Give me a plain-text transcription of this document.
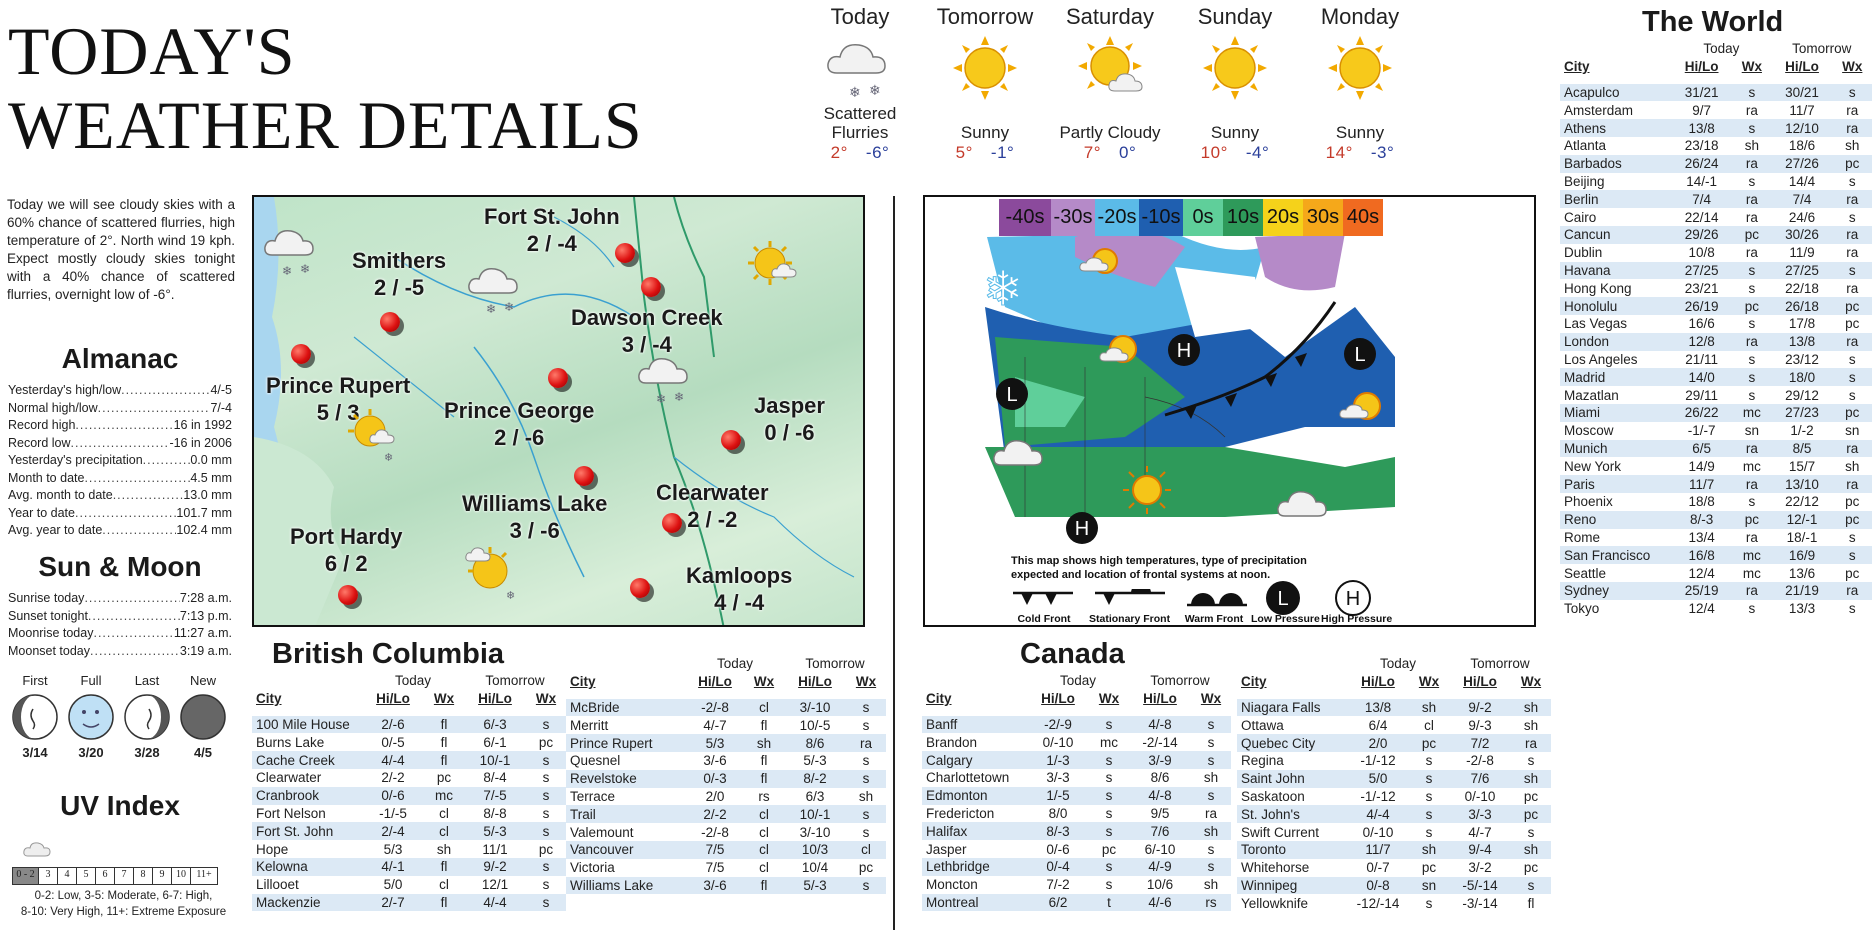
TODAY'S
WEATHER DETAILS
Today we will see cloudy skies with a 60% chance of scattered flurries, high temperature of 2°. North wind 19 kph. Expect mostly cloudy skies tonight with a 40% chance of scattered flurries, overnight low of -6°.
Almanac
Yesterday's high/low .....	4/-5
Normal high/low .....	7/-4
Record high .....	16 in 1992
Record low .....	-16 in 2006
Yesterday's precipitation .....	0.0 mm
Month to date .....	4.5 mm
Avg. month to date .....	13.0 mm
Year to date .....	101.7 mm
Avg. year to date .....	102.4 mm
Sun & Moon
Sunrise today .....	7:28 a.m.
Sunset tonight .....	7:13 p.m.
Moonrise today .....	11:27 a.m.
Moonset today .....	3:19 a.m.
First
3/14
Full
3/20
Last
3/28
New
4/5
UV Index
0 - 2	3	4	5	6	7	8	9	10	11+
0-2: Low, 3-5: Moderate, 6-7: High,
8-10: Very High, 11+: Extreme Exposure
Today
❄ ❄
Scattered
Flurries
2° -6°
Tomorrow
Sunny
5° -1°
Saturday
Partly Cloudy
7° 0°
Sunday
Sunny
10° -4°
Monday
Sunny
14° -3°
Fort St. John
2 / -4
Smithers
2 / -5
Dawson Creek
3 / -4
Prince Rupert
5 / 3	Prince George
2 / -6
Jasper
0 / -6
Williams Lake
3 / -6
Clearwater
2 / -2
Port Hardy
6 / 2	Kamloops
4 / -4
❄ ❄
❄ ❄
❄ ❄
❄
❄
-40s -30s -20s -10s 0s 10s 20s 30s 40s
❄
L
H	L
H
This map shows high temperatures, type of precipitation
expected and location of frontal systems at noon.
L	H
Cold Front	Stationary Front	Warm Front Low Pressure High Pressure
British Columbia	Canada
The World
	Today		Tomorrow	
City	Hi/Lo	Wx	Hi/Lo	Wx

100 Mile House	2/-6	fl	6/-3	s
Burns Lake	0/-5	fl	6/-1	pc
Cache Creek	4/-4	fl	10/-1	s
Clearwater	2/-2	pc	8/-4	s
Cranbrook	0/-6	mc	7/-5	s
Fort Nelson	-1/-5	cl	8/-8	s
Fort St. John	2/-4	cl	5/-3	s
Hope	5/3	sh	11/1	pc
Kelowna	4/-1	fl	9/-2	s
Lillooet	5/0	cl	12/1	s
Mackenzie	2/-7	fl	4/-4	s
	Today		Tomorrow	
City	Hi/Lo	Wx	Hi/Lo	Wx

McBride	-2/-8	cl	3/-10	s
Merritt	4/-7	fl	10/-5	s
Prince Rupert	5/3	sh	8/6	ra
Quesnel	3/-6	fl	5/-3	s
Revelstoke	0/-3	fl	8/-2	s
Terrace	2/0	rs	6/3	sh
Trail	2/-2	cl	10/-1	s
Valemount	-2/-8	cl	3/-10	s
Vancouver	7/5	cl	10/3	cl
Victoria	7/5	cl	10/4	pc
Williams Lake	3/-6	fl	5/-3	s
	Today		Tomorrow	
City	Hi/Lo	Wx	Hi/Lo	Wx

Banff	-2/-9	s	4/-8	s
Brandon	0/-10	mc	-2/-14	s
Calgary	1/-3	s	3/-9	s
Charlottetown	3/-3	s	8/6	sh
Edmonton	1/-5	s	4/-8	s
Fredericton	8/0	s	9/5	ra
Halifax	8/-3	s	7/6	sh
Jasper	0/-6	pc	6/-10	s
Lethbridge	0/-4	s	4/-9	s
Moncton	7/-2	s	10/6	sh
Montreal	6/2	t	4/-6	rs
	Today		Tomorrow	
City	Hi/Lo	Wx	Hi/Lo	Wx

Niagara Falls	13/8	sh	9/-2	sh
Ottawa	6/4	cl	9/-3	sh
Quebec City	2/0	pc	7/2	ra
Regina	-1/-12	s	-2/-8	s
Saint John	5/0	s	7/6	sh
Saskatoon	-1/-12	s	0/-10	pc
St. John's	4/-4	s	3/-3	pc
Swift Current	0/-10	s	4/-7	s
Toronto	11/7	sh	9/-4	sh
Whitehorse	0/-7	pc	3/-2	pc
Winnipeg	0/-8	sn	-5/-14	s
Yellowknife	-12/-14	s	-3/-14	fl
	Today		Tomorrow	
City	Hi/Lo	Wx	Hi/Lo	Wx

Acapulco	31/21	s	30/21	s
Amsterdam	9/7	ra	11/7	ra
Athens	13/8	s	12/10	ra
Atlanta	23/18	sh	18/6	sh
Barbados	26/24	ra	27/26	pc
Beijing	14/-1	s	14/4	s
Berlin	7/4	ra	7/4	ra
Cairo	22/14	ra	24/6	s
Cancun	29/26	pc	30/26	ra
Dublin	10/8	ra	11/9	ra
Havana	27/25	s	27/25	s
Hong Kong	23/21	s	22/18	ra
Honolulu	26/19	pc	26/18	pc
Las Vegas	16/6	s	17/8	pc
London	12/8	ra	13/8	ra
Los Angeles	21/11	s	23/12	s
Madrid	14/0	s	18/0	s
Mazatlan	29/11	s	29/12	s
Miami	26/22	mc	27/23	pc
Moscow	-1/-7	sn	1/-2	sn
Munich	6/5	ra	8/5	ra
New York	14/9	mc	15/7	sh
Paris	11/7	ra	13/10	ra
Phoenix	18/8	s	22/12	pc
Reno	8/-3	pc	12/-1	pc
Rome	13/4	ra	18/-1	s
San Francisco	16/8	mc	16/9	s
Seattle	12/4	mc	13/6	pc
Sydney	25/19	ra	21/19	ra
Tokyo	12/4	s	13/3	s
